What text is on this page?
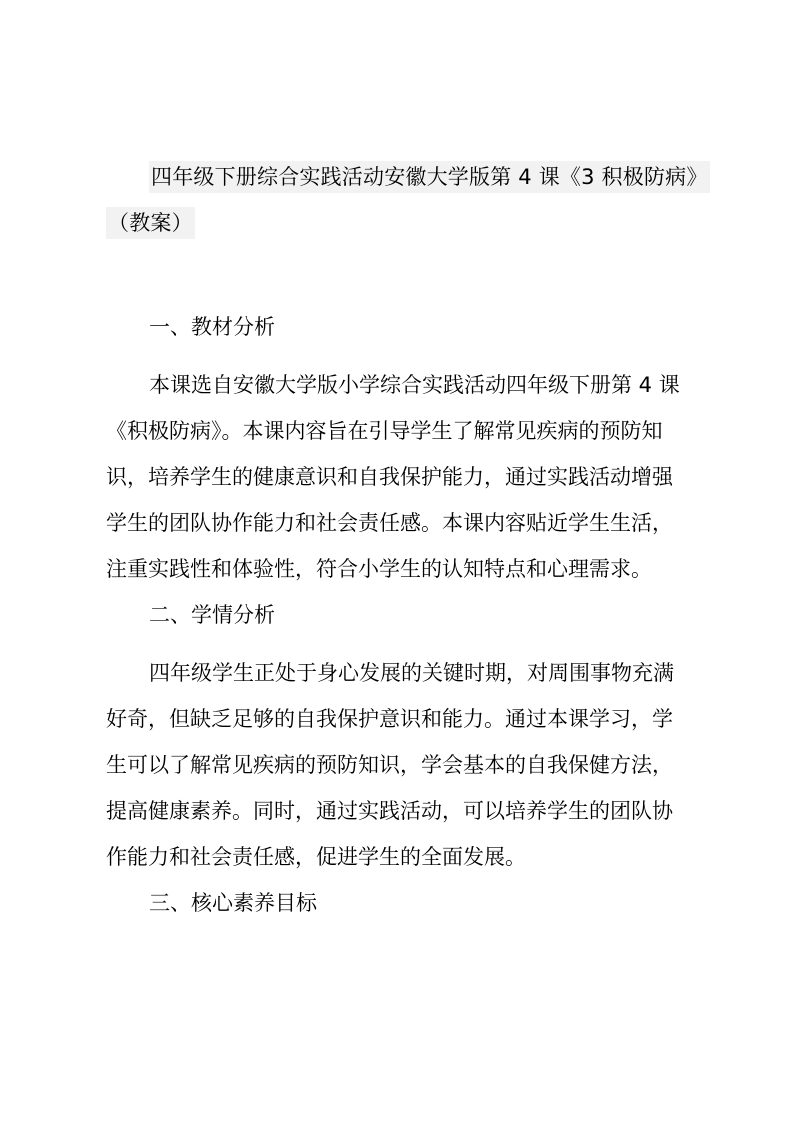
四年级下册综合实践活动安徽大学版第 4 课《3 积极防病》
（教案）
一、教材分析
本课选自安徽大学版小学综合实践活动四年级下册第 4 课
《积极防病》。本课内容旨在引导学生了解常见疾病的预防知
识，培养学生的健康意识和自我保护能力，通过实践活动增强
学生的团队协作能力和社会责任感。本课内容贴近学生生活，
注重实践性和体验性，符合小学生的认知特点和心理需求。
二、学情分析
四年级学生正处于身心发展的关键时期，对周围事物充满
好奇，但缺乏足够的自我保护意识和能力。通过本课学习，学
生可以了解常见疾病的预防知识，学会基本的自我保健方法，
提高健康素养。同时，通过实践活动，可以培养学生的团队协
作能力和社会责任感，促进学生的全面发展。
三、核心素养目标
